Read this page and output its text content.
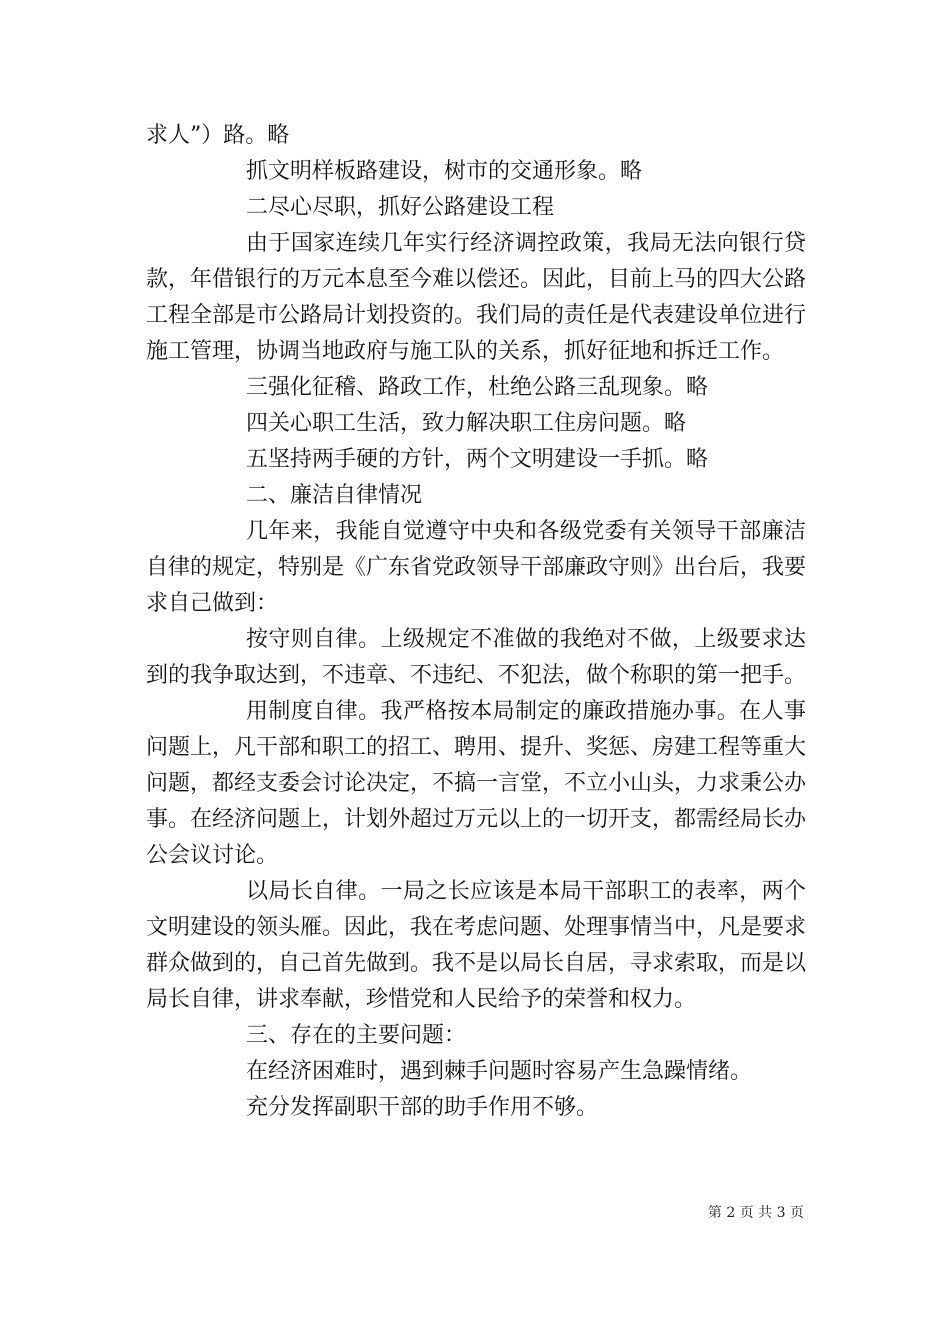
求人”）路。略

抓文明样板路建设，树市的交通形象。略

二尽心尽职，抓好公路建设工程

由于国家连续几年实行经济调控政策，我局无法向银行贷款，年借银行的万元本息至今难以偿还。因此，目前上马的四大公路工程全部是市公路局计划投资的。我们局的责任是代表建设单位进行施工管理，协调当地政府与施工队的关系，抓好征地和拆迁工作。

三强化征稽、路政工作，杜绝公路三乱现象。略

四关心职工生活，致力解决职工住房问题。略

五坚持两手硬的方针，两个文明建设一手抓。略

二、廉洁自律情况

几年来，我能自觉遵守中央和各级党委有关领导干部廉洁自律的规定，特别是《广东省党政领导干部廉政守则》出台后，我要求自己做到：

按守则自律。上级规定不准做的我绝对不做，上级要求达到的我争取达到，不违章、不违纪、不犯法，做个称职的第一把手。

用制度自律。我严格按本局制定的廉政措施办事。在人事问题上，凡干部和职工的招工、聘用、提升、奖惩、房建工程等重大问题，都经支委会讨论决定，不搞一言堂，不立小山头，力求秉公办事。在经济问题上，计划外超过万元以上的一切开支，都需经局长办公会议讨论。

以局长自律。一局之长应该是本局干部职工的表率，两个文明建设的领头雁。因此，我在考虑问题、处理事情当中，凡是要求群众做到的，自己首先做到。我不是以局长自居，寻求索取，而是以局长自律，讲求奉献，珍惜党和人民给予的荣誉和权力。

三、存在的主要问题：

在经济困难时，遇到棘手问题时容易产生急躁情绪。

充分发挥副职干部的助手作用不够。

第 2 页 共 3 页
